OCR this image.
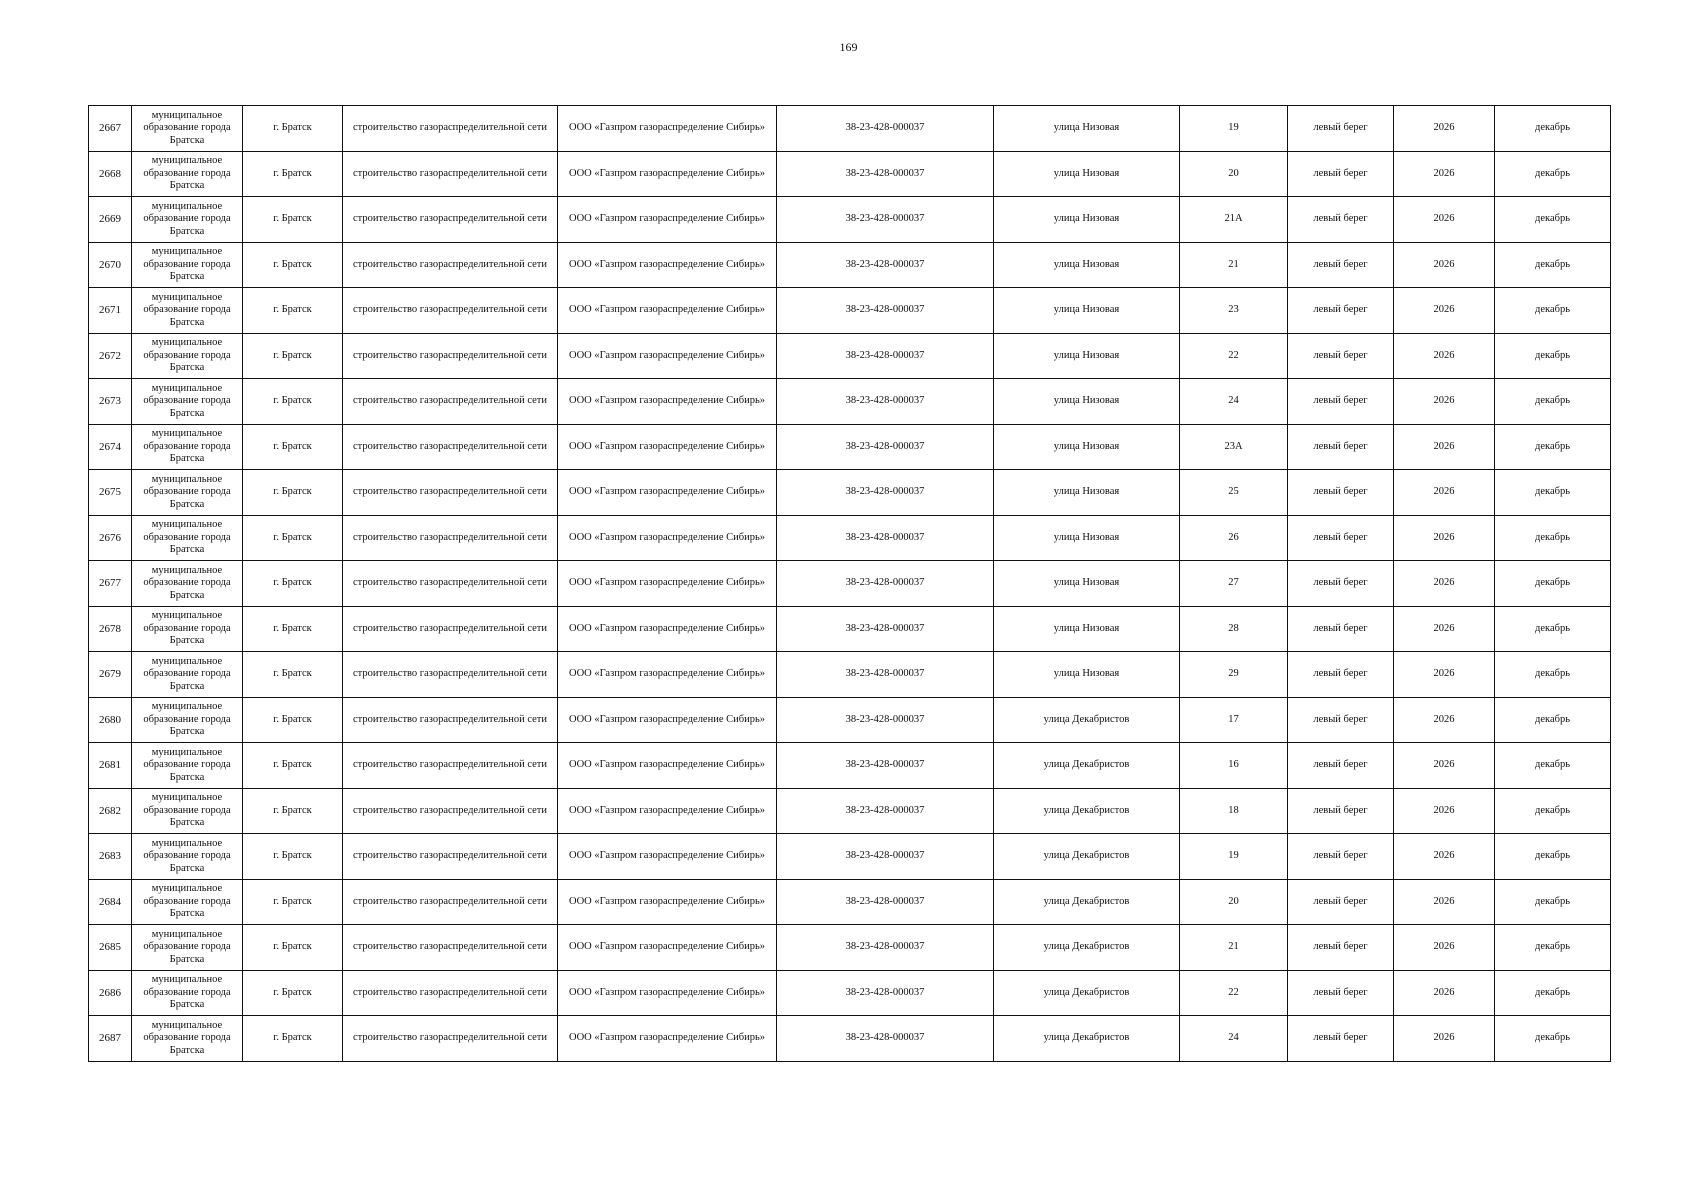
169
2667	муниципальное образование города Братска	г. Братск	строительство газораспределительной сети	ООО «Газпром газораспределение Сибирь»	38-23-428-000037	улица Низовая	19	левый берег	2026	декабрь
2668	муниципальное образование города Братска	г. Братск	строительство газораспределительной сети	ООО «Газпром газораспределение Сибирь»	38-23-428-000037	улица Низовая	20	левый берег	2026	декабрь
2669	муниципальное образование города Братска	г. Братск	строительство газораспределительной сети	ООО «Газпром газораспределение Сибирь»	38-23-428-000037	улица Низовая	21А	левый берег	2026	декабрь
2670	муниципальное образование города Братска	г. Братск	строительство газораспределительной сети	ООО «Газпром газораспределение Сибирь»	38-23-428-000037	улица Низовая	21	левый берег	2026	декабрь
2671	муниципальное образование города Братска	г. Братск	строительство газораспределительной сети	ООО «Газпром газораспределение Сибирь»	38-23-428-000037	улица Низовая	23	левый берег	2026	декабрь
2672	муниципальное образование города Братска	г. Братск	строительство газораспределительной сети	ООО «Газпром газораспределение Сибирь»	38-23-428-000037	улица Низовая	22	левый берег	2026	декабрь
2673	муниципальное образование города Братска	г. Братск	строительство газораспределительной сети	ООО «Газпром газораспределение Сибирь»	38-23-428-000037	улица Низовая	24	левый берег	2026	декабрь
2674	муниципальное образование города Братска	г. Братск	строительство газораспределительной сети	ООО «Газпром газораспределение Сибирь»	38-23-428-000037	улица Низовая	23А	левый берег	2026	декабрь
2675	муниципальное образование города Братска	г. Братск	строительство газораспределительной сети	ООО «Газпром газораспределение Сибирь»	38-23-428-000037	улица Низовая	25	левый берег	2026	декабрь
2676	муниципальное образование города Братска	г. Братск	строительство газораспределительной сети	ООО «Газпром газораспределение Сибирь»	38-23-428-000037	улица Низовая	26	левый берег	2026	декабрь
2677	муниципальное образование города Братска	г. Братск	строительство газораспределительной сети	ООО «Газпром газораспределение Сибирь»	38-23-428-000037	улица Низовая	27	левый берег	2026	декабрь
2678	муниципальное образование города Братска	г. Братск	строительство газораспределительной сети	ООО «Газпром газораспределение Сибирь»	38-23-428-000037	улица Низовая	28	левый берег	2026	декабрь
2679	муниципальное образование города Братска	г. Братск	строительство газораспределительной сети	ООО «Газпром газораспределение Сибирь»	38-23-428-000037	улица Низовая	29	левый берег	2026	декабрь
2680	муниципальное образование города Братска	г. Братск	строительство газораспределительной сети	ООО «Газпром газораспределение Сибирь»	38-23-428-000037	улица Декабристов	17	левый берег	2026	декабрь
2681	муниципальное образование города Братска	г. Братск	строительство газораспределительной сети	ООО «Газпром газораспределение Сибирь»	38-23-428-000037	улица Декабристов	16	левый берег	2026	декабрь
2682	муниципальное образование города Братска	г. Братск	строительство газораспределительной сети	ООО «Газпром газораспределение Сибирь»	38-23-428-000037	улица Декабристов	18	левый берег	2026	декабрь
2683	муниципальное образование города Братска	г. Братск	строительство газораспределительной сети	ООО «Газпром газораспределение Сибирь»	38-23-428-000037	улица Декабристов	19	левый берег	2026	декабрь
2684	муниципальное образование города Братска	г. Братск	строительство газораспределительной сети	ООО «Газпром газораспределение Сибирь»	38-23-428-000037	улица Декабристов	20	левый берег	2026	декабрь
2685	муниципальное образование города Братска	г. Братск	строительство газораспределительной сети	ООО «Газпром газораспределение Сибирь»	38-23-428-000037	улица Декабристов	21	левый берег	2026	декабрь
2686	муниципальное образование города Братска	г. Братск	строительство газораспределительной сети	ООО «Газпром газораспределение Сибирь»	38-23-428-000037	улица Декабристов	22	левый берег	2026	декабрь
2687	муниципальное образование города Братска	г. Братск	строительство газораспределительной сети	ООО «Газпром газораспределение Сибирь»	38-23-428-000037	улица Декабристов	24	левый берег	2026	декабрь
